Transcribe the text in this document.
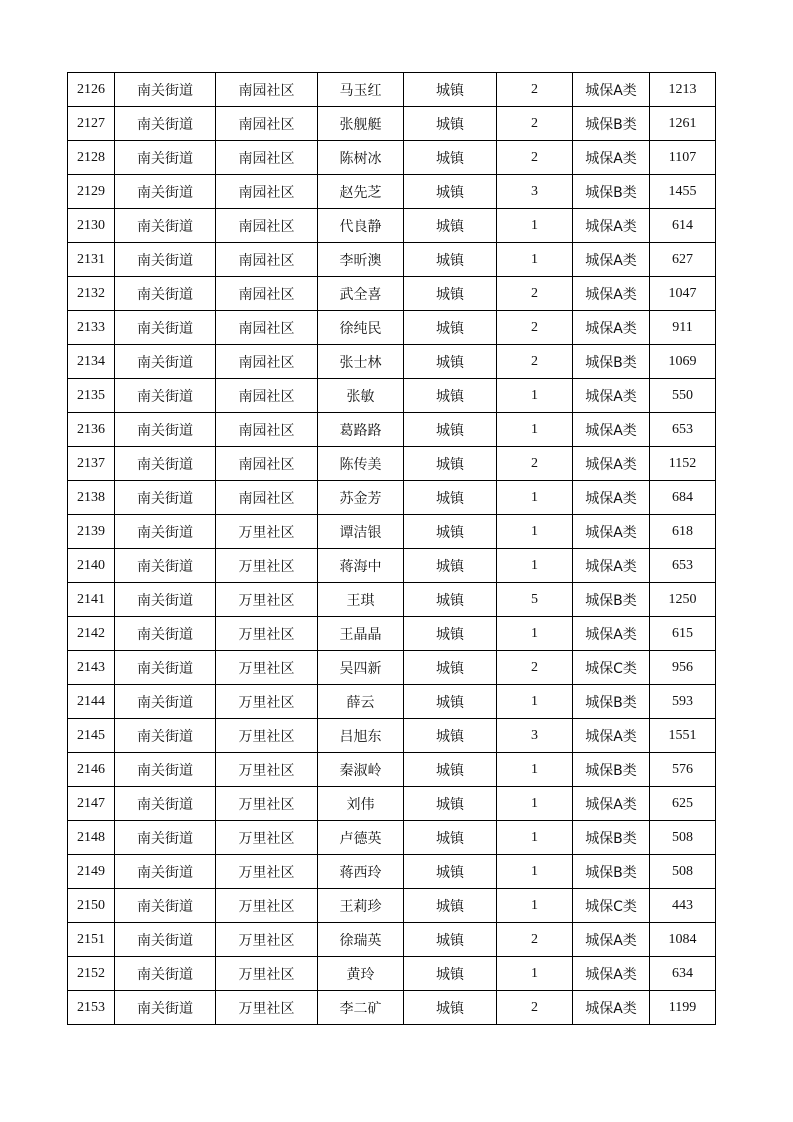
2126	南关街道	南园社区	马玉红	城镇	2	城保A类	1213
2127	南关街道	南园社区	张舰艇	城镇	2	城保B类	1261
2128	南关街道	南园社区	陈树冰	城镇	2	城保A类	1107
2129	南关街道	南园社区	赵先芝	城镇	3	城保B类	1455
2130	南关街道	南园社区	代良静	城镇	1	城保A类	614
2131	南关街道	南园社区	李昕澳	城镇	1	城保A类	627
2132	南关街道	南园社区	武全喜	城镇	2	城保A类	1047
2133	南关街道	南园社区	徐纯民	城镇	2	城保A类	911
2134	南关街道	南园社区	张士林	城镇	2	城保B类	1069
2135	南关街道	南园社区	张敏	城镇	1	城保A类	550
2136	南关街道	南园社区	葛路路	城镇	1	城保A类	653
2137	南关街道	南园社区	陈传美	城镇	2	城保A类	1152
2138	南关街道	南园社区	苏金芳	城镇	1	城保A类	684
2139	南关街道	万里社区	谭洁银	城镇	1	城保A类	618
2140	南关街道	万里社区	蒋海中	城镇	1	城保A类	653
2141	南关街道	万里社区	王琪	城镇	5	城保B类	1250
2142	南关街道	万里社区	王晶晶	城镇	1	城保A类	615
2143	南关街道	万里社区	吴四新	城镇	2	城保C类	956
2144	南关街道	万里社区	薛云	城镇	1	城保B类	593
2145	南关街道	万里社区	吕旭东	城镇	3	城保A类	1551
2146	南关街道	万里社区	秦淑岭	城镇	1	城保B类	576
2147	南关街道	万里社区	刘伟	城镇	1	城保A类	625
2148	南关街道	万里社区	卢德英	城镇	1	城保B类	508
2149	南关街道	万里社区	蒋西玲	城镇	1	城保B类	508
2150	南关街道	万里社区	王莉珍	城镇	1	城保C类	443
2151	南关街道	万里社区	徐瑞英	城镇	2	城保A类	1084
2152	南关街道	万里社区	黄玲	城镇	1	城保A类	634
2153	南关街道	万里社区	李二矿	城镇	2	城保A类	1199
